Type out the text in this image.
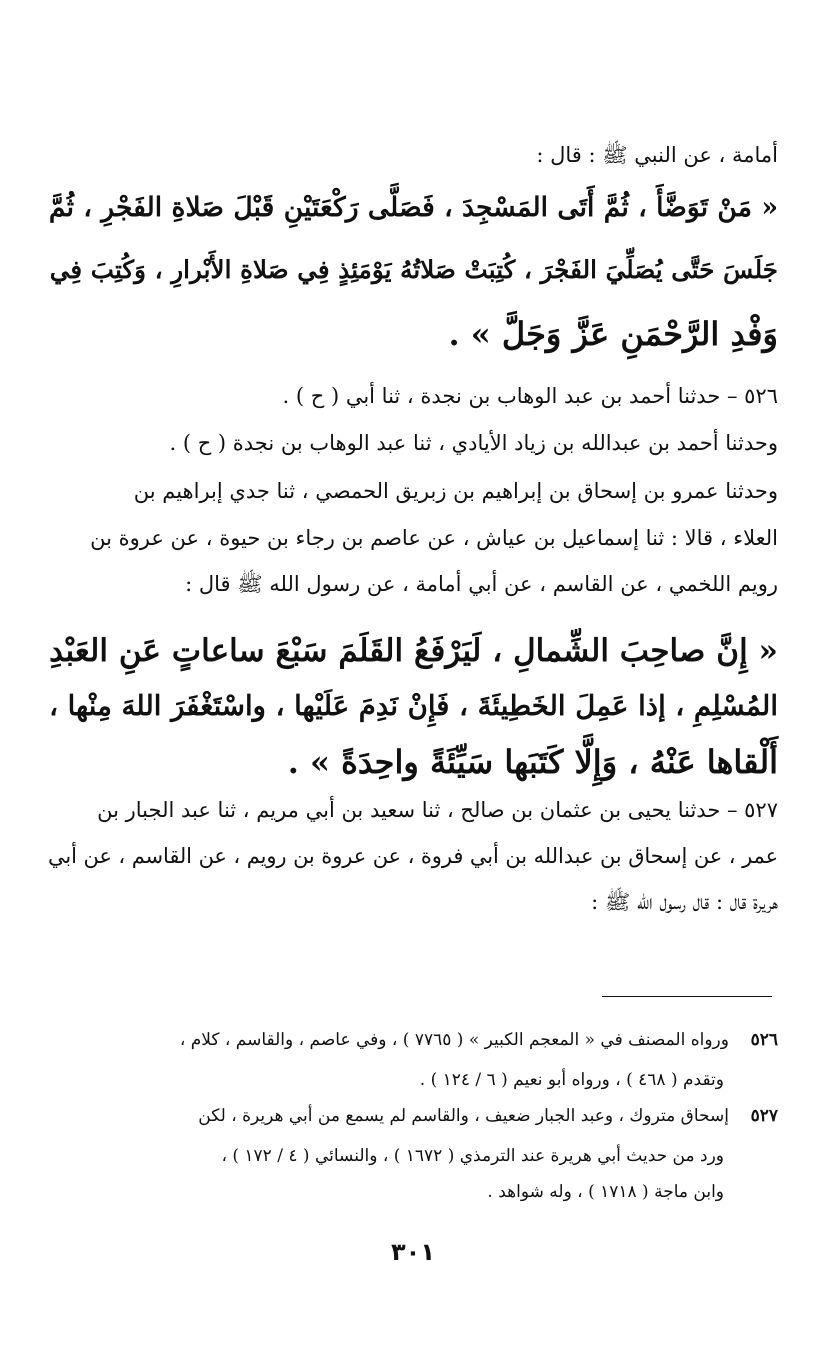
أمامة ، عن النبي ﷺ : قال :
« مَنْ تَوَضَّأَ ، ثُمَّ أَتَى المَسْجِدَ ، فَصَلَّى رَكْعَتَيْنِ قَبْلَ صَلاةِ الفَجْرِ ، ثُمَّ
جَلَسَ حَتَّى يُصَلِّيَ الفَجْرَ ، كُتِبَتْ صَلاتُهُ يَوْمَئِذٍ فِي صَلاةِ الأَبْرارِ ، وَكُتِبَ فِي
وَفْدِ الرَّحْمَنِ عَزَّ وَجَلَّ » .
٥٢٦ – حدثنا أحمد بن عبد الوهاب بن نجدة ، ثنا أبي ( ح ) .
وحدثنا أحمد بن عبدالله بن زياد الأيادي ، ثنا عبد الوهاب بن نجدة ( ح ) .
وحدثنا عمرو بن إسحاق بن إبراهيم بن زبريق الحمصي ، ثنا جدي إبراهيم بن
العلاء ، قالا : ثنا إسماعيل بن عياش ، عن عاصم بن رجاء بن حيوة ، عن عروة بن
رويم اللخمي ، عن القاسم ، عن أبي أمامة ، عن رسول الله ﷺ قال :
« إِنَّ صاحِبَ الشِّمالِ ، لَيَرْفَعُ القَلَمَ سَبْعَ ساعاتٍ عَنِ العَبْدِ
المُسْلِمِ ، إذا عَمِلَ الخَطِيئَةَ ، فَإِنْ نَدِمَ عَلَيْها ، واسْتَغْفَرَ اللهَ مِنْها ،
أَلْقاها عَنْهُ ، وَإِلَّا كَتَبَها سَيِّئَةً واحِدَةً » .
٥٢٧ – حدثنا يحيى بن عثمان بن صالح ، ثنا سعيد بن أبي مريم ، ثنا عبد الجبار بن
عمر ، عن إسحاق بن عبدالله بن أبي فروة ، عن عروة بن رويم ، عن القاسم ، عن أبي
هريرة قال : قال رسول الله ﷺ :
٥٢٦    ورواه المصنف في « المعجم الكبير » ( ٧٧٦٥ ) ، وفي عاصم ، والقاسم ، كلام ،
وتقدم ( ٤٦٨ ) ، ورواه أبو نعيم ( ٦ / ١٢٤ ) .
٥٢٧    إسحاق متروك ، وعبد الجبار ضعيف ، والقاسم لم يسمع من أبي هريرة ، لكن
ورد من حديث أبي هريرة عند الترمذي ( ١٦٧٢ ) ، والنسائي ( ٤ / ١٧٢ ) ،
وابن ماجة ( ١٧١٨ ) ، وله شواهد .
٣٠١
